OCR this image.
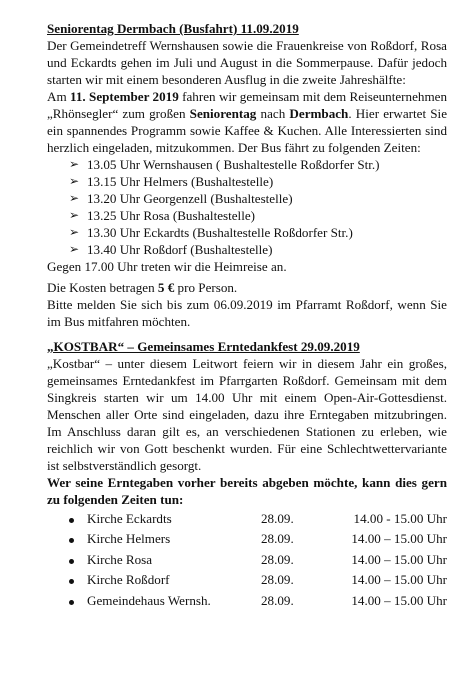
Seniorentag Dermbach (Busfahrt) 11.09.2019

Der Gemeindetreff Wernshausen sowie die Frauenkreise von Roßdorf, Rosa und Eckardts gehen im Juli und August in die Sommerpause. Dafür jedoch starten wir mit einem besonderen Ausflug in die zweite Jahreshälfte:

Am 11. September 2019 fahren wir gemeinsam mit dem Reiseunternehmen „Rhönsegler“ zum großen Seniorentag nach Dermbach. Hier erwartet Sie ein spannendes Programm sowie Kaffee & Kuchen. Alle Interessierten sind herzlich eingeladen, mitzukommen. Der Bus fährt zu folgenden Zeiten:

➢ 13.05 Uhr Wernshausen ( Bushaltestelle Roßdorfer Str.)
➢ 13.15 Uhr Helmers (Bushaltestelle)
➢ 13.20 Uhr Georgenzell (Bushaltestelle)
➢ 13.25 Uhr Rosa (Bushaltestelle)
➢ 13.30 Uhr Eckardts (Bushaltestelle Roßdorfer Str.)
➢ 13.40 Uhr Roßdorf (Bushaltestelle)

Gegen 17.00 Uhr treten wir die Heimreise an.

Die Kosten betragen 5 € pro Person.

Bitte melden Sie sich bis zum 06.09.2019 im Pfarramt Roßdorf, wenn Sie im Bus mitfahren möchten.

„KOSTBAR“ – Gemeinsames Erntedankfest 29.09.2019

„Kostbar“ – unter diesem Leitwort feiern wir in diesem Jahr ein großes, gemeinsames Erntedankfest im Pfarrgarten Roßdorf. Gemeinsam mit dem Singkreis starten wir um 14.00 Uhr mit einem Open-Air-Gottesdienst. Menschen aller Orte sind eingeladen, dazu ihre Erntegaben mitzubringen. Im Anschluss daran gilt es, an verschiedenen Stationen zu erleben, wie reichlich wir von Gott beschenkt wurden. Für eine Schlechtwettervariante ist selbstverständlich gesorgt.

Wer seine Erntegaben vorher bereits abgeben möchte, kann dies gern zu folgenden Zeiten tun:

	Kirche Eckardts	28.09.	14.00 - 15.00 Uhr
	Kirche Helmers	28.09.	14.00 – 15.00 Uhr
	Kirche Rosa	28.09.	14.00 – 15.00 Uhr
	Kirche Roßdorf	28.09.	14.00 – 15.00 Uhr
	Gemeindehaus Wernsh.	28.09.	14.00 – 15.00 Uhr
